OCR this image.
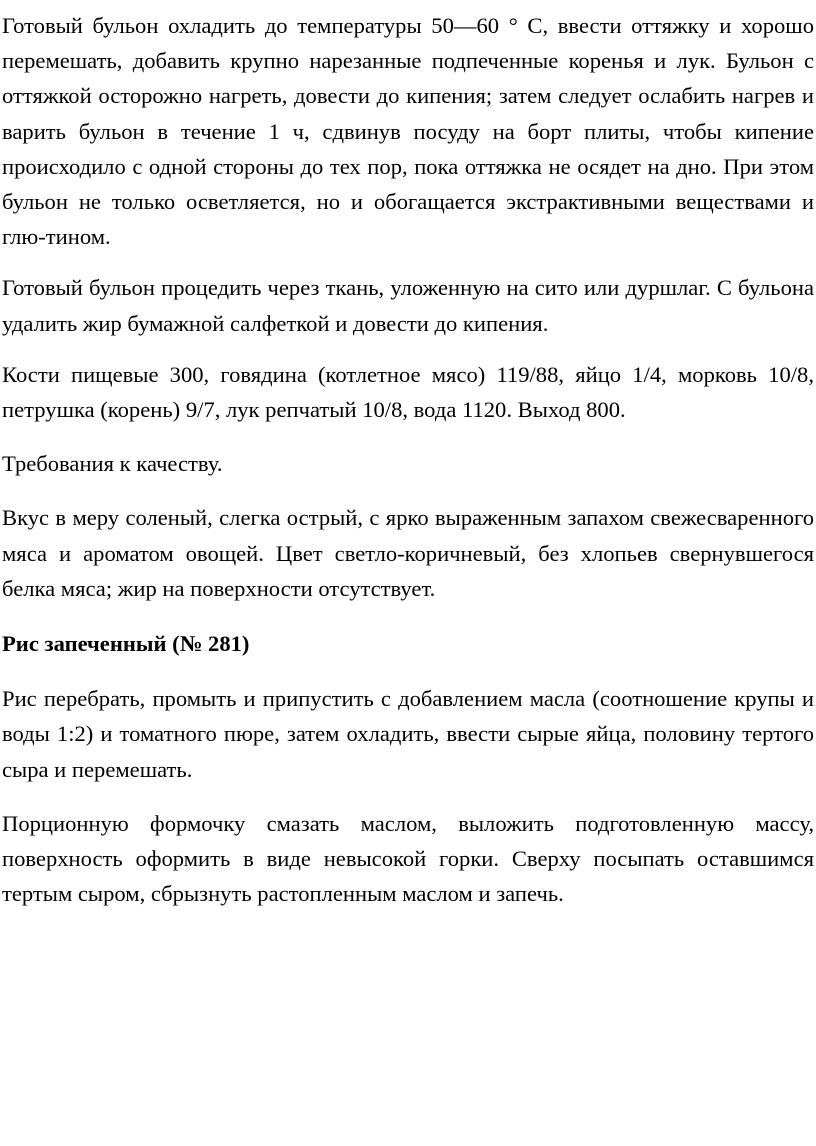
Готовый бульон охладить до температуры 50—60 ° С, ввести оттяжку и хорошо перемешать, добавить крупно нарезанные подпеченные коренья и лук. Бульон с оттяжкой осторожно нагреть, довести до кипения; затем следует ослабить нагрев и варить бульон в течение 1 ч, сдвинув посуду на борт плиты, чтобы кипение происходило с одной стороны до тех пор, пока оттяжка не осядет на дно. При этом бульон не только осветляется, но и обогащается экстрактивными веществами и глю-тином.

Готовый бульон процедить через ткань, уложенную на сито или дуршлаг. С бульона удалить жир бумажной салфеткой и довести до кипения.

Кости пищевые 300, говядина (котлетное мясо) 119/88, яйцо 1/4, морковь 10/8, петрушка (корень) 9/7, лук репчатый 10/8, вода 1120. Выход 800.

Требования к качеству.

Вкус в меру соленый, слегка острый, с ярко выраженным запахом свежесваренного мяса и ароматом овощей. Цвет светло-коричневый, без хлопьев свернувшегося белка мяса; жир на поверхности отсутствует.

Рис запеченный (№ 281)

Рис перебрать, промыть и припустить с добавлением масла (соотношение крупы и воды 1:2) и томатного пюре, затем охладить, ввести сырые яйца, половину тертого сыра и перемешать.

Порционную формочку смазать маслом, выложить подготовленную массу, поверхность оформить в виде невысокой горки. Сверху посыпать оставшимся тертым сыром, сбрызнуть растопленным маслом и запечь.
